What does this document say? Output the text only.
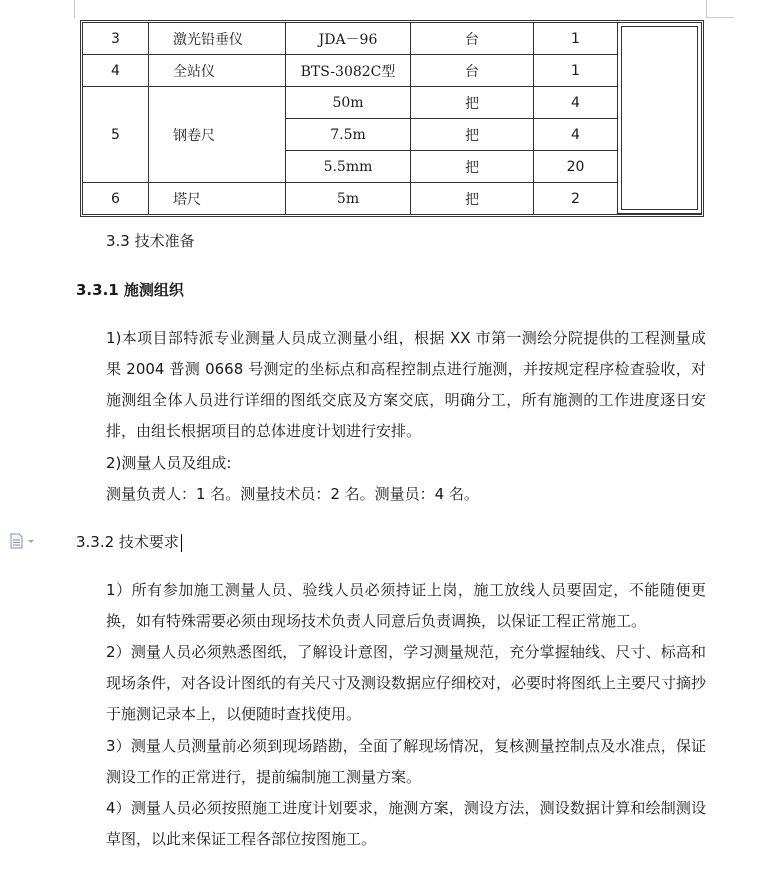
3	激光铅垂仪	JDA－96	台	1	

4	全站仪	BTS-3082C型	台	1	
5	钢卷尺	50m	把	4	
		7.5m	把	4	
		5.5mm	把	20	
6	塔尺	5m	把	2	
3.3 技术准备
3.3.1 施测组织
1)本项目部特派专业测量人员成立测量小组，根据 XX 市第一测绘分院提供的工程测量成果 2004 普测 0668 号测定的坐标点和高程控制点进行施测，并按规定程序检查验收，对施测组全体人员进行详细的图纸交底及方案交底，明确分工，所有施测的工作进度逐日安排，由组长根据项目的总体进度计划进行安排。
2)测量人员及组成:
测量负责人：1 名。测量技术员：2 名。测量员：4 名。
3.3.2 技术要求
1）所有参加施工测量人员、验线人员必须持证上岗，施工放线人员要固定，不能随便更换，如有特殊需要必须由现场技术负责人同意后负责调换，以保证工程正常施工。
2）测量人员必须熟悉图纸，了解设计意图，学习测量规范，充分掌握轴线、尺寸、标高和现场条件，对各设计图纸的有关尺寸及测设数据应仔细校对，必要时将图纸上主要尺寸摘抄于施测记录本上，以便随时查找使用。
3）测量人员测量前必须到现场踏勘，全面了解现场情况，复核测量控制点及水准点，保证测设工作的正常进行，提前编制施工测量方案。
4）测量人员必须按照施工进度计划要求，施测方案，测设方法，测设数据计算和绘制测设草图，以此来保证工程各部位按图施工。
